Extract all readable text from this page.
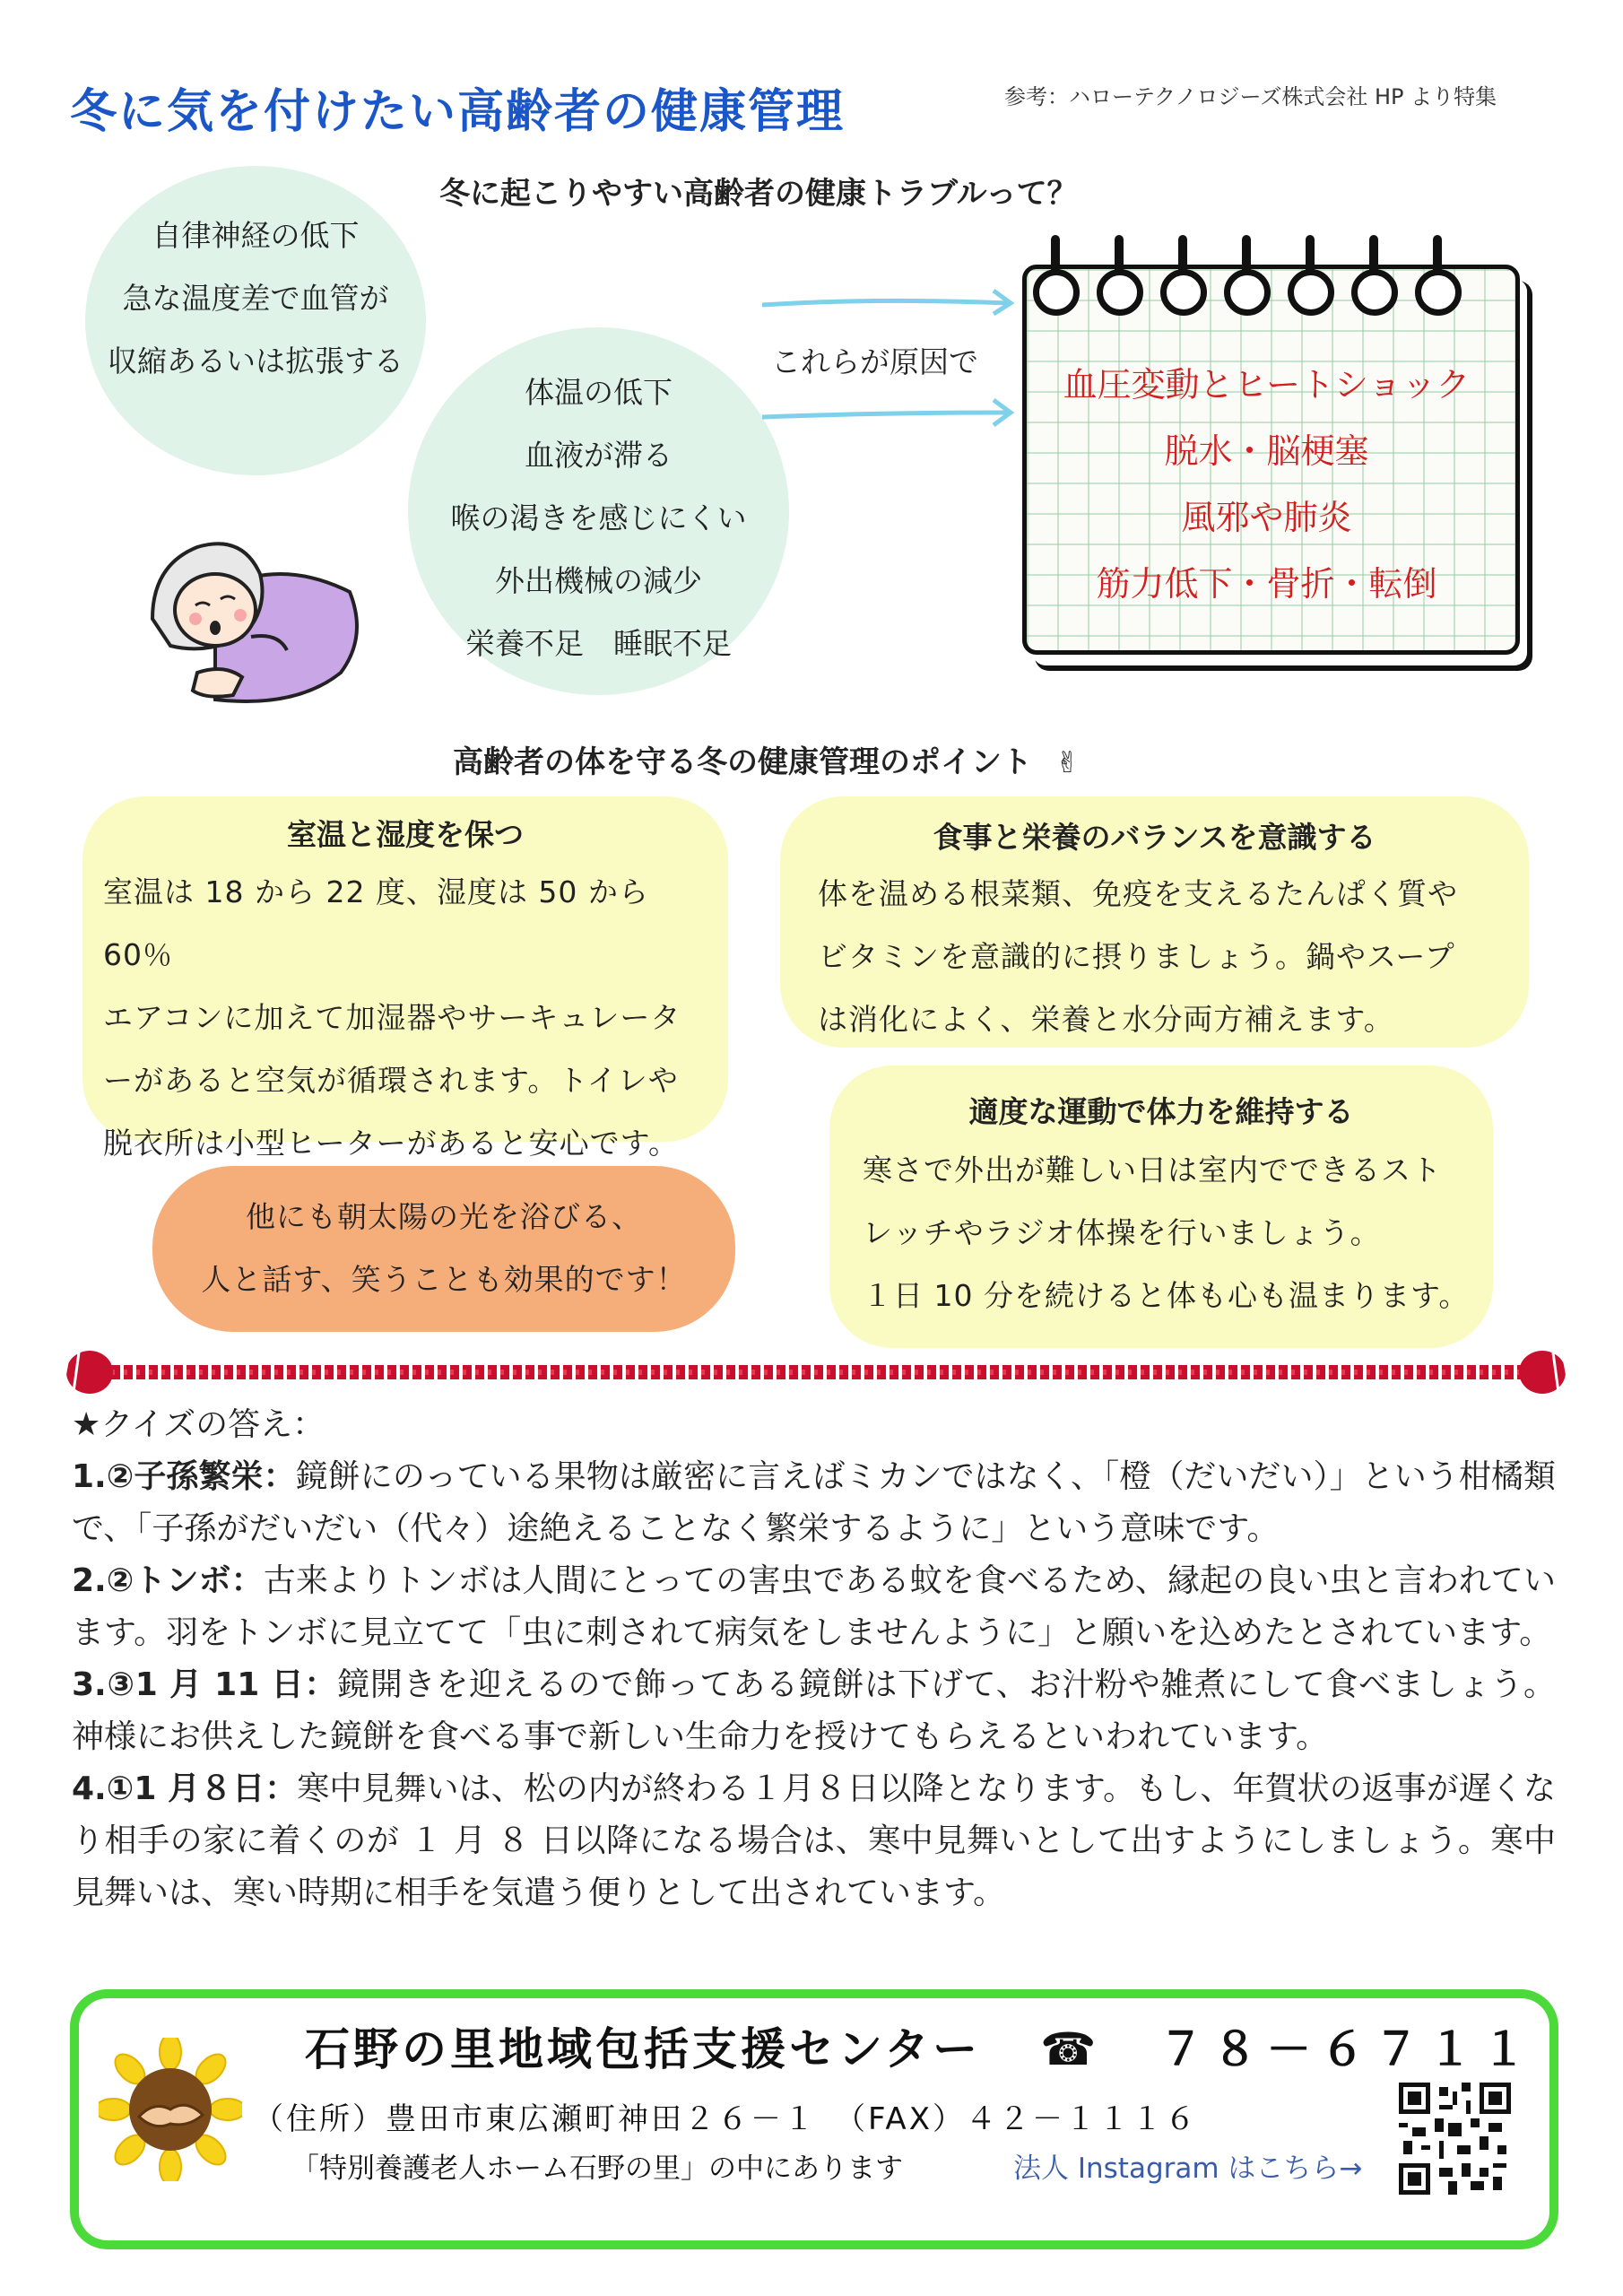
冬に気を付けたい高齢者の健康管理	参考：ハローテクノロジーズ株式会社 HP より特集
冬に起こりやすい高齢者の健康トラブルって？
自律神経の低下
急な温度差で血管が
収縮あるいは拡張する
体温の低下
血液が滞る
喉の渇きを感じにくい
外出機械の減少
栄養不足　睡眠不足
これらが原因で
血圧変動とヒートショック
脱水・脳梗塞
風邪や肺炎
筋力低下・骨折・転倒
高齢者の体を守る冬の健康管理のポイント ✌
室温と湿度を保つ
室温は 18 から 22 度、湿度は 50 から 60％
エアコンに加えて加湿器やサーキュレータ
ーがあると空気が循環されます。トイレや
脱衣所は小型ヒーターがあると安心です。
食事と栄養のバランスを意識する
体を温める根菜類、免疫を支えるたんぱく質や
ビタミンを意識的に摂りましょう。鍋やスープ
は消化によく、栄養と水分両方補えます。
適度な運動で体力を維持する
寒さで外出が難しい日は室内でできるスト
レッチやラジオ体操を行いましょう。
１日 10 分を続けると体も心も温まります。
他にも朝太陽の光を浴びる、
人と話す、笑うことも効果的です！

★クイズの答え：

1.②子孫繁栄：鏡餅にのっている果物は厳密に言えばミカンではなく、「橙（だいだい）」という柑橘類で、「子孫がだいだい（代々）途絶えることなく繁栄するように」という意味です。

2.②トンボ：古来よりトンボは人間にとっての害虫である蚊を食べるため、縁起の良い虫と言われています。羽をトンボに見立てて「虫に刺されて病気をしませんように」と願いを込めたとされています。

3.③1 月 11 日：鏡開きを迎えるので飾ってある鏡餅は下げて、お汁粉や雑煮にして食べましょう。神様にお供えした鏡餅を食べる事で新しい生命力を授けてもらえるといわれています。

4.①1 月８日：寒中見舞いは、松の内が終わる１月８日以降となります。もし、年賀状の返事が遅くなり相手の家に着くのが １ 月 ８ 日以降になる場合は、寒中見舞いとして出すようにしましょう。寒中見舞いは、寒い時期に相手を気遣う便りとして出されています。

石野の里地域包括支援センター ☎　７８－６７１１
（住所）豊田市東広瀬町神田２６－１　（FAX）４２－１１１６
「特別養護老人ホーム石野の里」の中にあります	法人 Instagram はこちら→
